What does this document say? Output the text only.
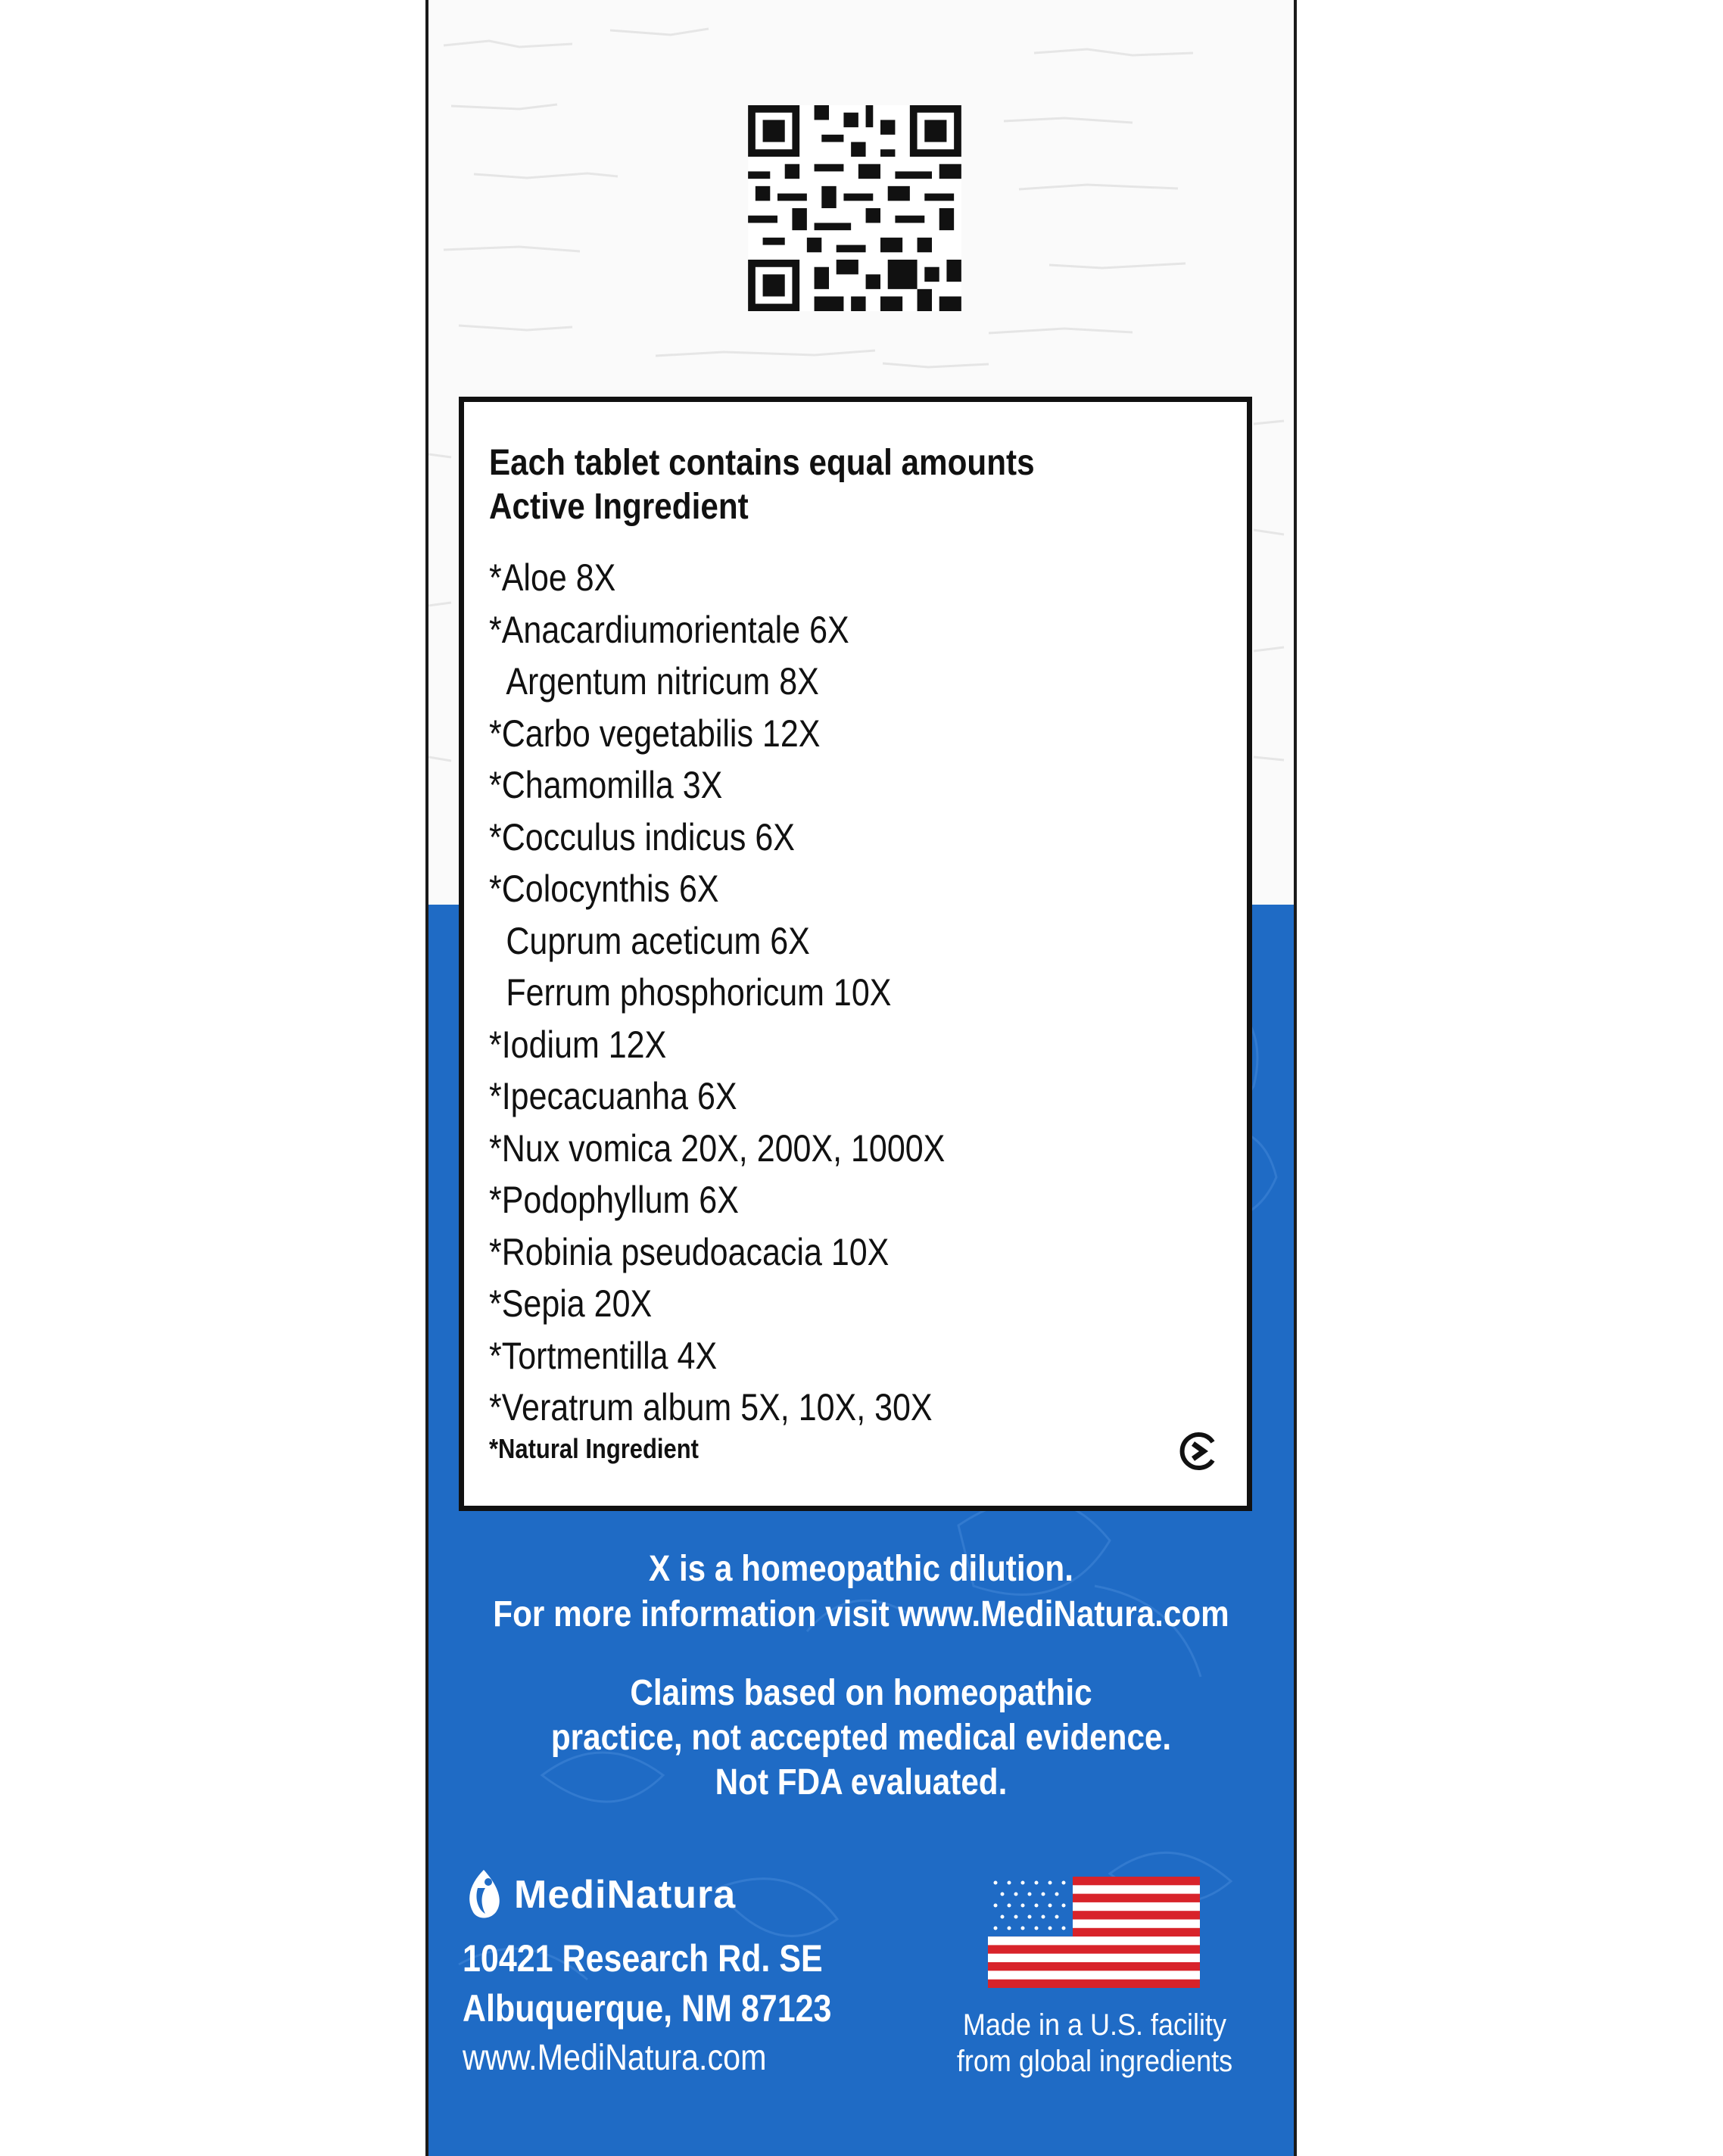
Each tablet contains equal amounts
Active Ingredient
*Aloe 8X
*Anacardiumorientale 6X
Argentum nitricum 8X
*Carbo vegetabilis 12X
*Chamomilla 3X
*Cocculus indicus 6X
*Colocynthis 6X
Cuprum aceticum 6X
Ferrum phosphoricum 10X
*Iodium 12X
*Ipecacuanha 6X
*Nux vomica 20X, 200X, 1000X
*Podophyllum 6X
*Robinia pseudoacacia 10X
*Sepia 20X
*Tortmentilla 4X
*Veratrum album 5X, 10X, 30X
*Natural Ingredient
X is a homeopathic dilution.
For more information visit www.MediNatura.com
Claims based on homeopathic
practice, not accepted medical evidence.
Not FDA evaluated.
MediNatura
10421 Research Rd. SE
Albuquerque, NM 87123
www.MediNatura.com
Made in a U.S. facility
from global ingredients
